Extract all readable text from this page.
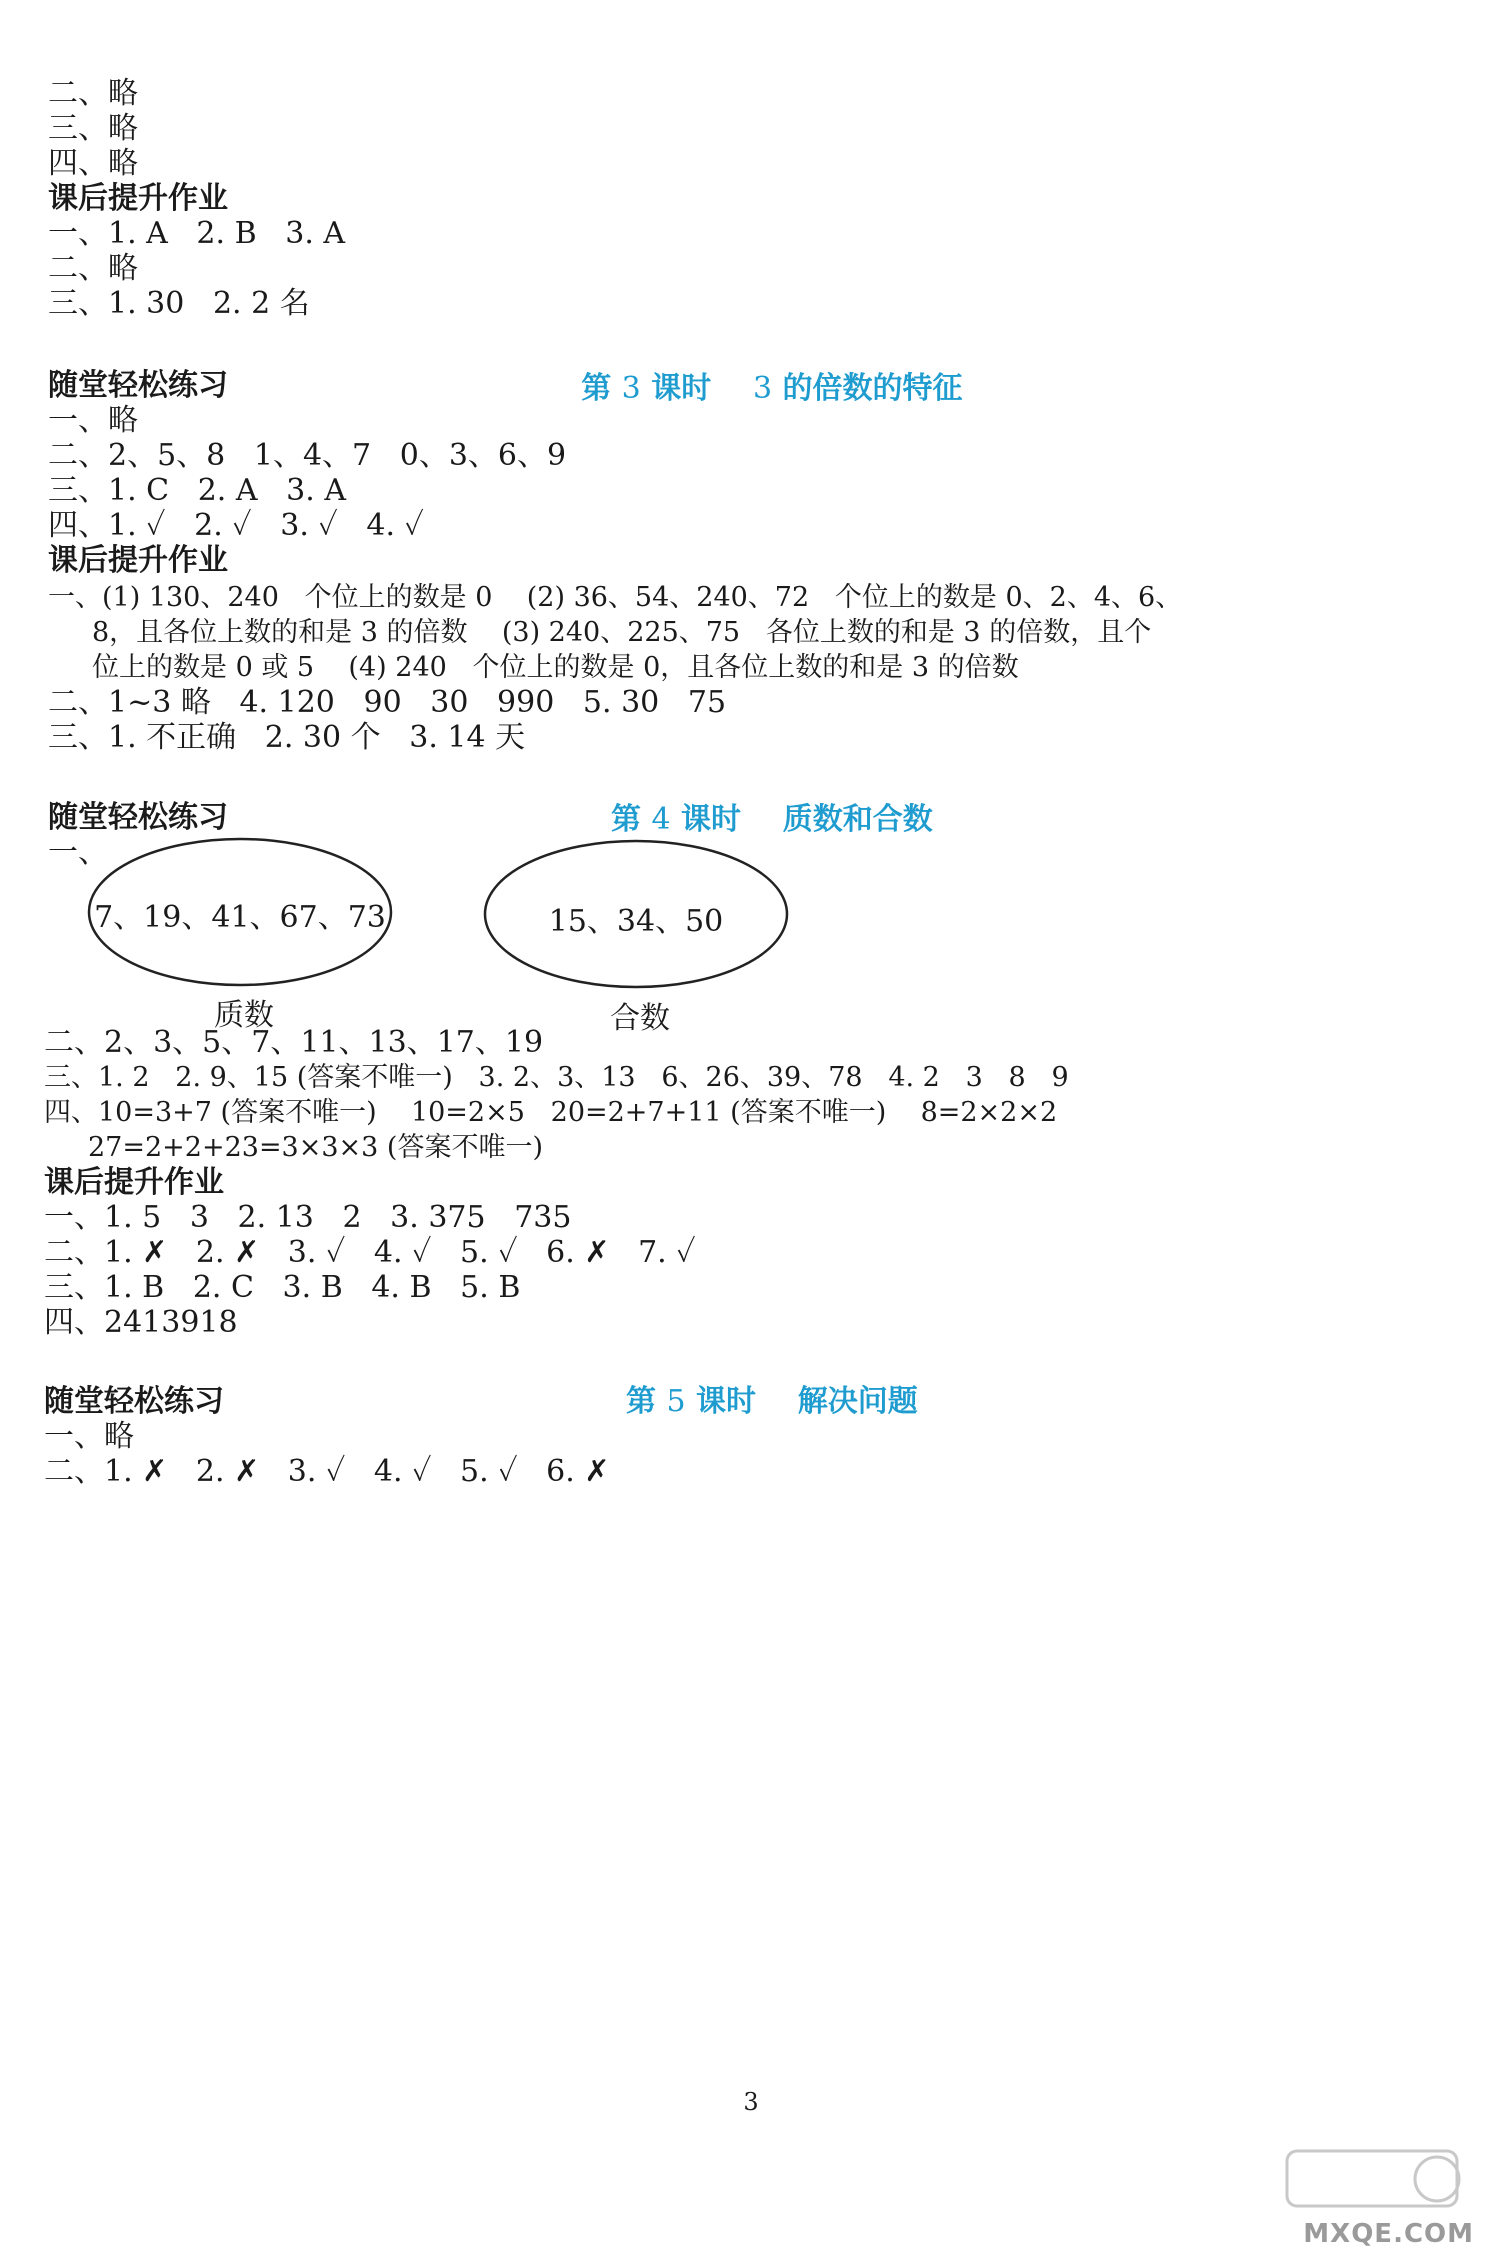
二、略
三、略
四、略
课后提升作业
一、1. A   2. B   3. A
二、略
三、1. 30   2. 2 名

第 3 课时    3 的倍数的特征

随堂轻松练习
一、略
二、2、5、8   1、4、7   0、3、6、9
三、1. C   2. A   3. A
四、1. ✓   2. ✓   3. ✓   4. ✓
课后提升作业
一、(1) 130、240   个位上的数是 0    (2) 36、54、240、72   个位上的数是 0、2、4、6、
8，且各位上数的和是 3 的倍数    (3) 240、225、75   各位上数的和是 3 的倍数，且个
位上的数是 0 或 5    (4) 240   个位上的数是 0，且各位上数的和是 3 的倍数
二、1~3 略   4. 120   90   30   990   5. 30   75
三、1. 不正确   2. 30 个   3. 14 天

第 4 课时    质数和合数

随堂轻松练习
一、
7、19、41、67、73
质数
15、34、50
合数
二、2、3、5、7、11、13、17、19
三、1. 2   2. 9、15 (答案不唯一)   3. 2、3、13   6、26、39、78   4. 2   3   8   9
四、10=3+7 (答案不唯一)    10=2×5   20=2+7+11 (答案不唯一)    8=2×2×2
27=2+2+23=3×3×3 (答案不唯一)
课后提升作业
一、1. 5   3   2. 13   2   3. 375   735
二、1. ✗   2. ✗   3. ✓   4. ✓   5. ✓   6. ✗   7. ✓
三、1. B   2. C   3. B   4. B   5. B
四、2413918

第 5 课时    解决问题

随堂轻松练习
一、略
二、1. ✗   2. ✗   3. ✓   4. ✓   5. ✓   6. ✗
3
MXQE.COM
